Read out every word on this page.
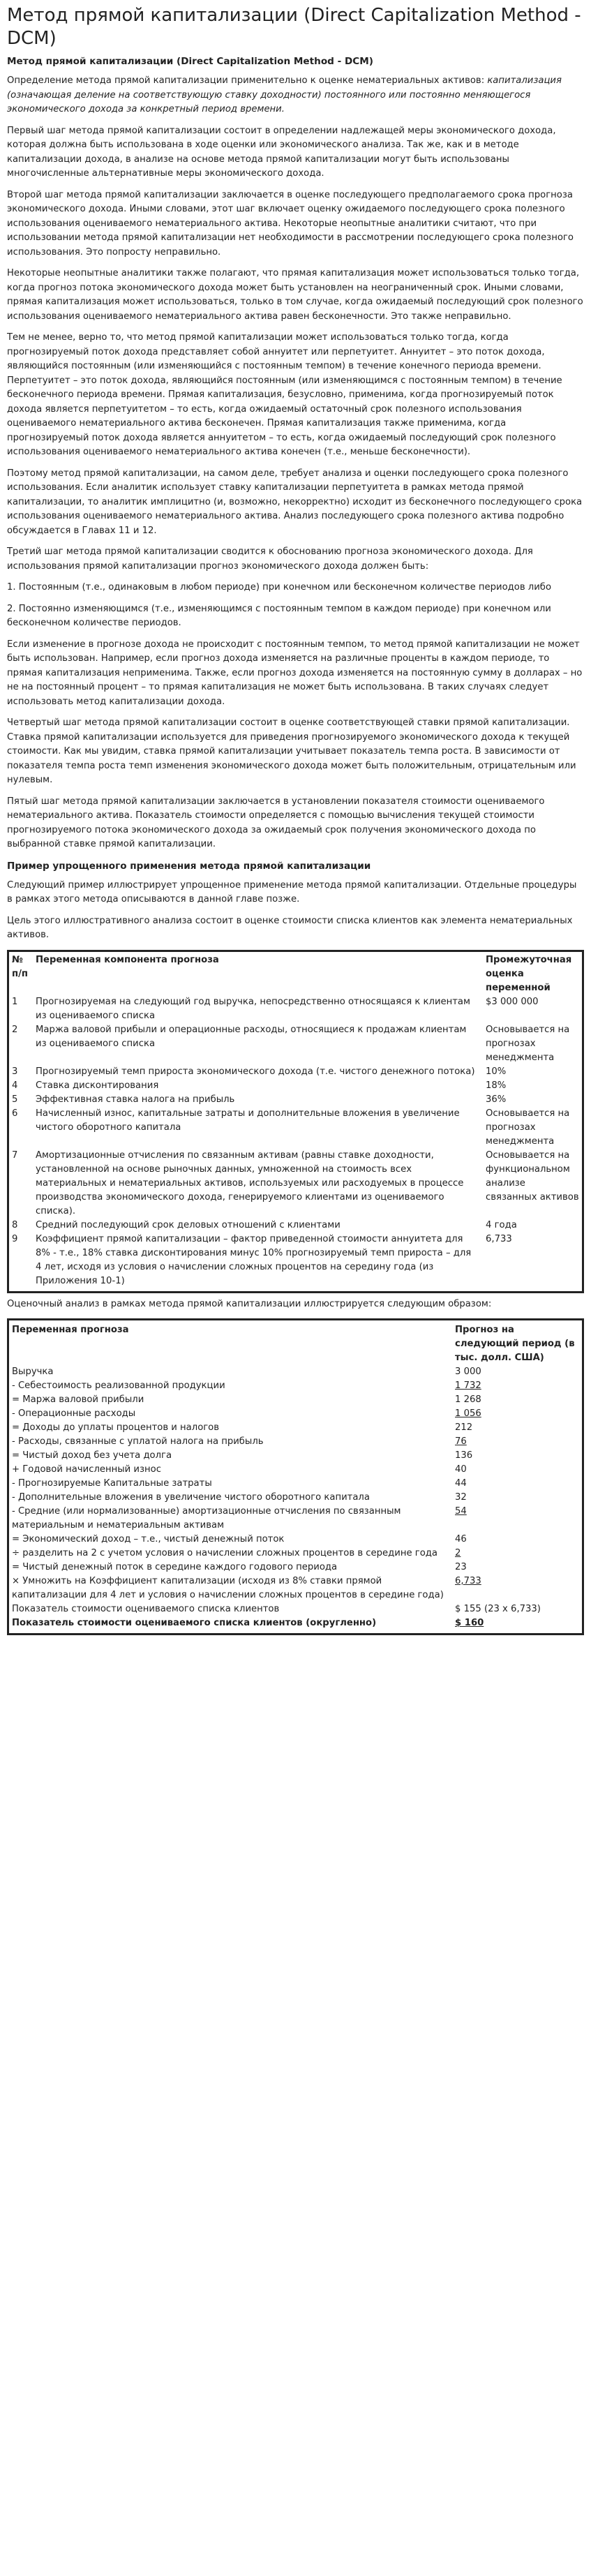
Метод прямой капитализации (Direct Capitalization Method - DCM)
Метод прямой капитализации (Direct Capitalization Method - DCM)

Определение метода прямой капитализации применительно к оценке нематериальных активов: капитализация (означающая деление на соответствующую ставку доходности) постоянного или постоянно меняющегося экономического дохода за конкретный период времени.

Первый шаг метода прямой капитализации состоит в определении надлежащей меры экономического дохода, которая должна быть использована в ходе оценки или экономического анализа. Так же, как и в методе капитализации дохода, в анализе на основе метода прямой капитализации могут быть использованы многочисленные альтернативные меры экономического дохода.

Второй шаг метода прямой капитализации заключается в оценке последующего предполагаемого срока прогноза экономического дохода. Иными словами, этот шаг включает оценку ожидаемого последующего срока полезного использования оцениваемого нематериального актива. Некоторые неопытные аналитики считают, что при использовании метода прямой капитализации нет необходимости в рассмотрении последующего срока полезного использования. Это попросту неправильно.

Некоторые неопытные аналитики также полагают, что прямая капитализация может использоваться только тогда, когда прогноз потока экономического дохода может быть установлен на неограниченный срок. Иными словами, прямая капитализация может использоваться, только в том случае, когда ожидаемый последующий срок полезного использования оцениваемого нематериального актива равен бесконечности. Это также неправильно.

Тем не менее, верно то, что метод прямой капитализации может использоваться только тогда, когда прогнозируемый поток дохода представляет собой аннуитет или перпетуитет. Аннуитет – это поток дохода, являющийся постоянным (или изменяющийся с постоянным темпом) в течение конечного периода времени. Перпетуитет – это поток дохода, являющийся постоянным (или изменяющимся с постоянным темпом) в течение бесконечного периода времени. Прямая капитализация, безусловно, применима, когда прогнозируемый поток дохода является перпетуитетом – то есть, когда ожидаемый остаточный срок полезного использования оцениваемого нематериального актива бесконечен. Прямая капитализация также применима, когда прогнозируемый поток дохода является аннуитетом – то есть, когда ожидаемый последующий срок полезного использования оцениваемого нематериального актива конечен (т.е., меньше бесконечности).

Поэтому метод прямой капитализации, на самом деле, требует анализа и оценки последующего срока полезного использования. Если аналитик использует ставку капитализации перпетуитета в рамках метода прямой капитализации, то аналитик имплицитно (и, возможно, некорректно) исходит из бесконечного последующего срока использования оцениваемого нематериального актива. Анализ последующего срока полезного актива подробно обсуждается в Главах 11 и 12.

Третий шаг метода прямой капитализации сводится к обоснованию прогноза экономического дохода. Для использования прямой капитализации прогноз экономического дохода должен быть:

1. Постоянным (т.е., одинаковым в любом периоде) при конечном или бесконечном количестве периодов либо

2. Постоянно изменяющимся (т.е., изменяющимся с постоянным темпом в каждом периоде) при конечном или бесконечном количестве периодов.

Если изменение в прогнозе дохода не происходит с постоянным темпом, то метод прямой капитализации не может быть использован. Например, если прогноз дохода изменяется на различные проценты в каждом периоде, то прямая капитализация неприменима. Также, если прогноз дохода изменяется на постоянную сумму в долларах – но не на постоянный процент – то прямая капитализация не может быть использована. В таких случаях следует использовать метод капитализации дохода.

Четвертый шаг метода прямой капитализации состоит в оценке соответствующей ставки прямой капитализации. Ставка прямой капитализации используется для приведения прогнозируемого экономического дохода к текущей стоимости. Как мы увидим, ставка прямой капитализации учитывает показатель темпа роста. В зависимости от показателя темпа роста темп изменения экономического дохода может быть положительным, отрицательным или нулевым.

Пятый шаг метода прямой капитализации заключается в установлении показателя стоимости оцениваемого нематериального актива. Показатель стоимости определяется с помощью вычисления текущей стоимости прогнозируемого потока экономического дохода за ожидаемый срок получения экономического дохода по выбранной ставке прямой капитализации.

Пример упрощенного применения метода прямой капитализации

Следующий пример иллюстрирует упрощенное применение метода прямой капитализации. Отдельные процедуры в рамках этого метода описываются в данной главе позже.

Цель этого иллюстративного анализа состоит в оценке стоимости списка клиентов как элемента нематериальных активов.

№ п/п	Переменная компонента прогноза	Промежуточная оценка переменной
1	Прогнозируемая на следующий год выручка, непосредственно относящаяся к клиентам из оцениваемого списка	$3 000 000
2	Маржа валовой прибыли и операционные расходы, относящиеся к продажам клиентам из оцениваемого списка	Основывается на прогнозах менеджмента
3	Прогнозируемый темп прироста экономического дохода (т.е. чистого денежного потока)	10%
4	Ставка дисконтирования	18%
5	Эффективная ставка налога на прибыль	36%
6	Начисленный износ, капитальные затраты и дополнительные вложения в увеличение чистого оборотного капитала	Основывается на прогнозах менеджмента
7	Амортизационные отчисления по связанным активам (равны ставке доходности, установленной на основе рыночных данных, умноженной на стоимость всех материальных и нематериальных активов, используемых или расходуемых в процессе производства экономического дохода, генерируемого клиентами из оцениваемого списка).	Основывается на функциональном анализе связанных активов
8	Средний последующий срок деловых отношений с клиентами	4 года
9	Коэффициент прямой капитализации – фактор приведенной стоимости аннуитета для 8% - т.е., 18% ставка дисконтирования минус 10% прогнозируемый темп прироста – для 4 лет, исходя из условия о начислении сложных процентов на середину года (из Приложения 10-1)	6,733

Оценочный анализ в рамках метода прямой капитализации иллюстрируется следующим образом:

Переменная прогноза	Прогноз на следующий период (в тыс. долл. США)
Выручка	3 000
- Себестоимость реализованной продукции	1 732
= Маржа валовой прибыли	1 268
- Операционные расходы	1 056
= Доходы до уплаты процентов и налогов	212
- Расходы, связанные с уплатой налога на прибыль	76
= Чистый доход без учета долга	136
+ Годовой начисленный износ	40
- Прогнозируемые Капитальные затраты	44
- Дополнительные вложения в увеличение чистого оборотного капитала	32
- Средние (или нормализованные) амортизационные отчисления по связанным материальным и нематериальным активам	54
= Экономический доход – т.е., чистый денежный поток	46
÷ разделить на 2 с учетом условия о начислении сложных процентов в середине года	2
= Чистый денежный поток в середине каждого годового периода	23
× Умножить на Коэффициент капитализации (исходя из 8% ставки прямой капитализации для 4 лет и условия о начислении сложных процентов в середине года)	6,733
Показатель стоимости оцениваемого списка клиентов	$ 155 (23 х 6,733)
Показатель стоимости оцениваемого списка клиентов (округленно)	$ 160
